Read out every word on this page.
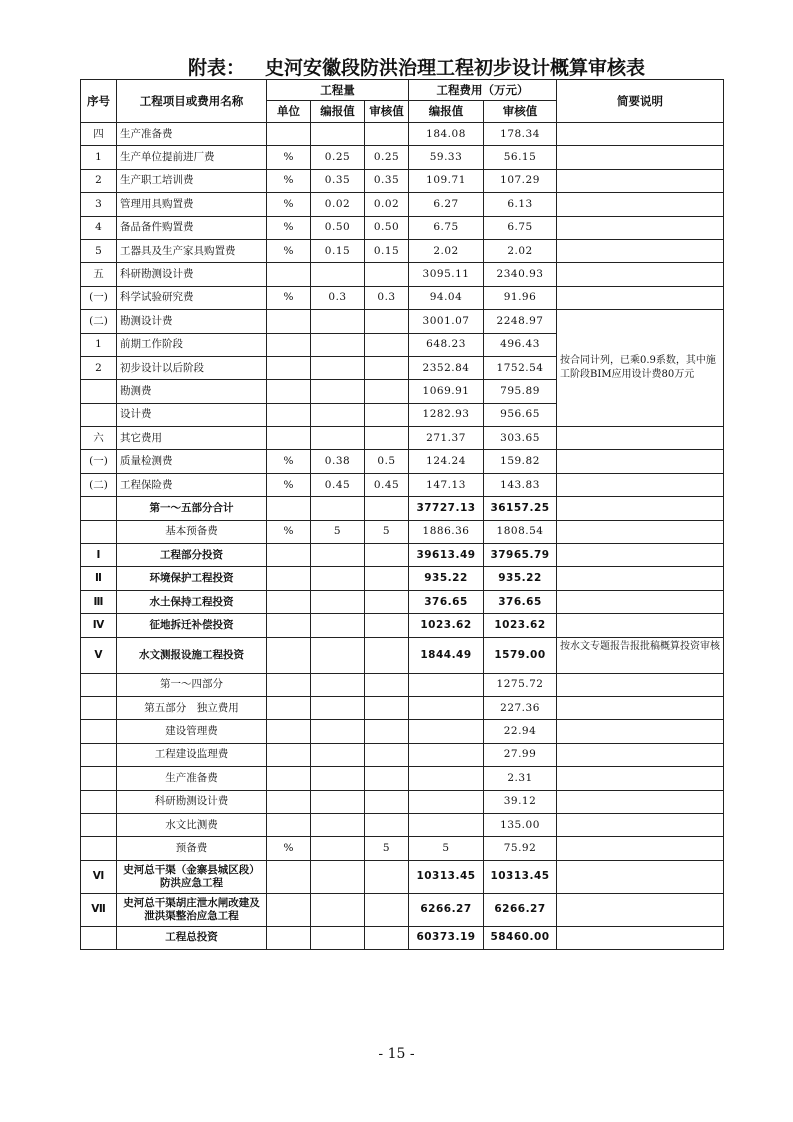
附表： 史河安徽段防洪治理工程初步设计概算审核表
序号	工程项目或费用名称	工程量			工程费用（万元）		简要说明
		单位	编报值	审核值	编报值	审核值	
四	生产准备费				184.08	178.34	
1	生产单位提前进厂费	%	0.25	0.25	59.33	56.15	
2	生产职工培训费	%	0.35	0.35	109.71	107.29	
3	管理用具购置费	%	0.02	0.02	6.27	6.13	
4	备品备件购置费	%	0.50	0.50	6.75	6.75	
5	工器具及生产家具购置费	%	0.15	0.15	2.02	2.02	
五	科研勘测设计费				3095.11	2340.93	
(一)	科学试验研究费	%	0.3	0.3	94.04	91.96	
(二)	勘测设计费				3001.07	2248.97	按合同计列，已乘0.9系数，其中施工阶段BIM应用设计费80万元
1	前期工作阶段				648.23	496.43	
2	初步设计以后阶段				2352.84	1752.54	
	勘测费				1069.91	795.89	
	设计费				1282.93	956.65	
六	其它费用				271.37	303.65	
(一)	质量检测费	%	0.38	0.5	124.24	159.82	
(二)	工程保险费	%	0.45	0.45	147.13	143.83	
	第一～五部分合计				37727.13	36157.25	
	基本预备费	%	5	5	1886.36	1808.54	
Ⅰ	工程部分投资				39613.49	37965.79	
Ⅱ	环境保护工程投资				935.22	935.22	
Ⅲ	水土保持工程投资				376.65	376.65	
Ⅳ	征地拆迁补偿投资				1023.62	1023.62	
Ⅴ	水文测报设施工程投资				1844.49	1579.00	按水文专题报告报批稿概算投资审核
	第一～四部分					1275.72	
	第五部分　独立费用					227.36	
	建设管理费					22.94	
	工程建设监理费					27.99	
	生产准备费					2.31	
	科研勘测设计费					39.12	
	水文比测费					135.00	
	预备费	%		5	5	75.92	
Ⅵ	史河总干渠（金寨县城区段）防洪应急工程				10313.45	10313.45	
Ⅶ	史河总干渠胡庄泄水闸改建及泄洪渠整治应急工程				6266.27	6266.27	
	工程总投资				60373.19	58460.00	
- 15 -
